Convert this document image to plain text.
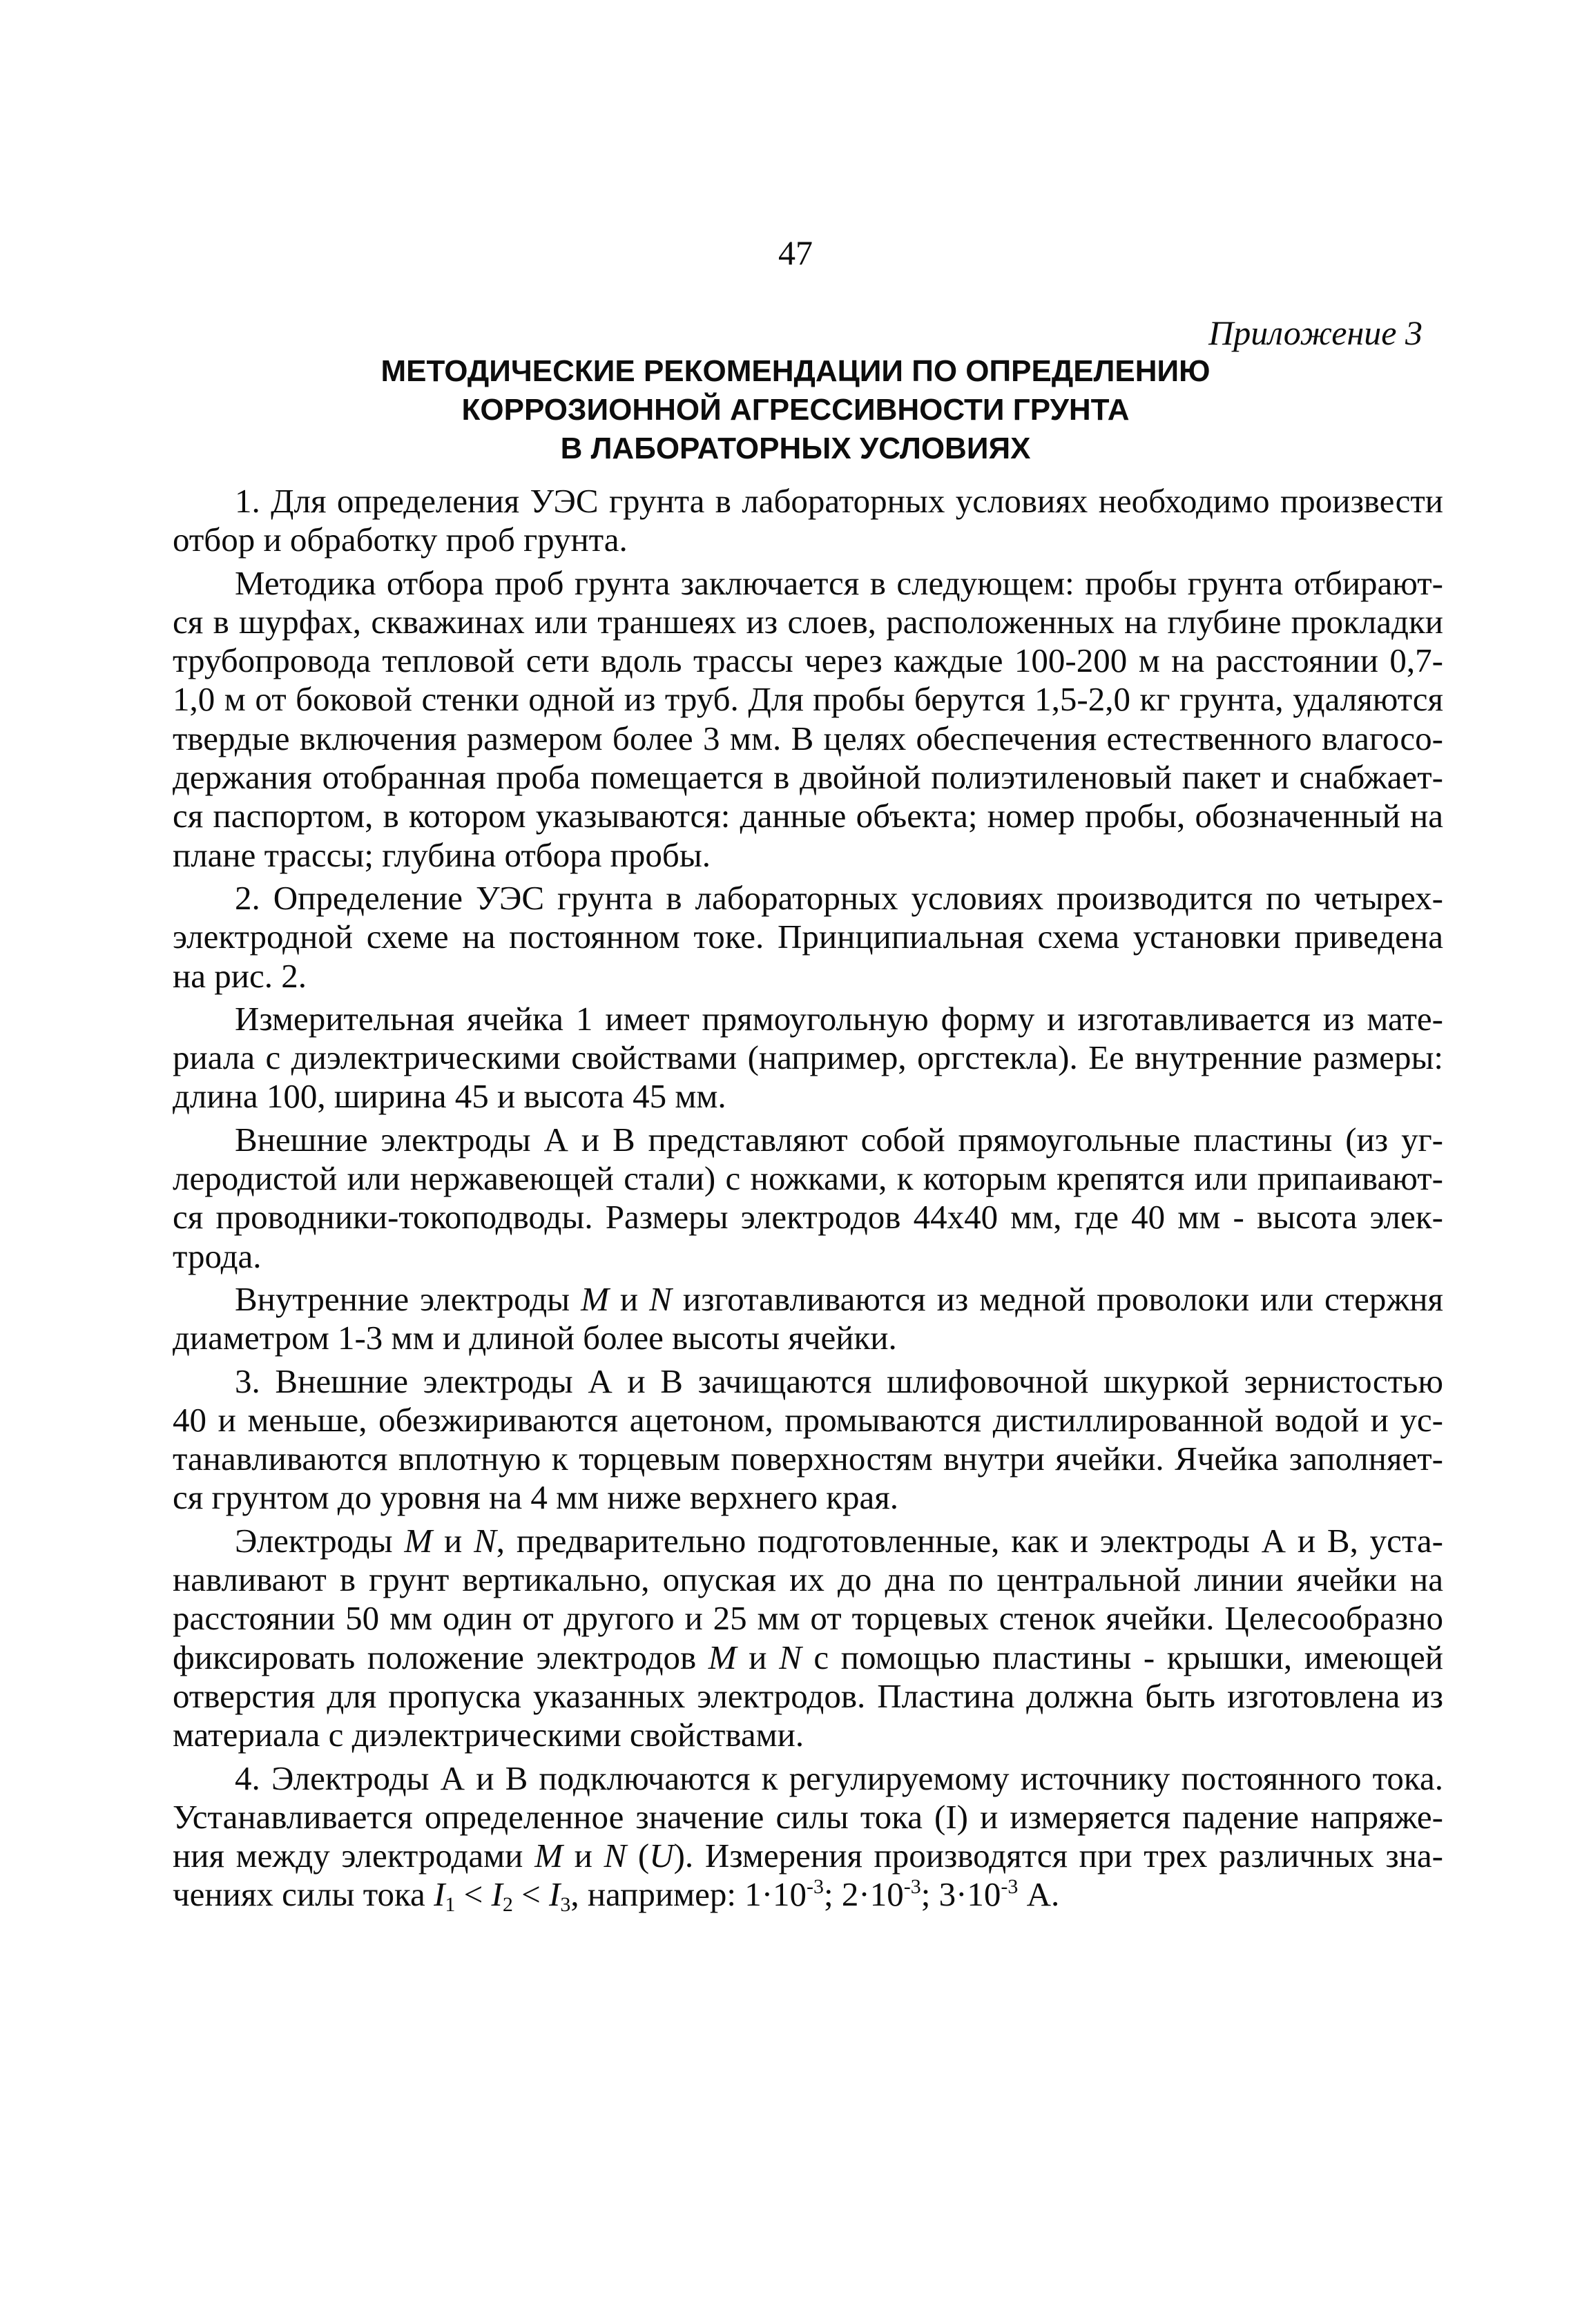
47
Приложение 3
МЕТОДИЧЕСКИЕ РЕКОМЕНДАЦИИ ПО ОПРЕДЕЛЕНИЮ
КОРРОЗИОННОЙ АГРЕССИВНОСТИ ГРУНТА
В ЛАБОРАТОРНЫХ УСЛОВИЯХ
1. Для определения УЭС грунта в лабораторных условиях необходимо произвести
отбор и обработку проб грунта.
Методика отбора проб грунта заключается в следующем: пробы грунта отбирают-
ся в шурфах, скважинах или траншеях из слоев, расположенных на глубине прокладки
трубопровода тепловой сети вдоль трассы через каждые 100-200 м на расстоянии 0,7-
1,0 м от боковой стенки одной из труб. Для пробы берутся 1,5-2,0 кг грунта, удаляются
твердые включения размером более 3 мм. В целях обеспечения естественного влагосо-
держания отобранная проба помещается в двойной полиэтиленовый пакет и снабжает-
ся паспортом, в котором указываются: данные объекта; номер пробы, обозначенный на
плане трассы; глубина отбора пробы.
2. Определение УЭС грунта в лабораторных условиях производится по четырех-
электродной схеме на постоянном токе. Принципиальная схема установки приведена
на рис. 2.
Измерительная ячейка 1 имеет прямоугольную форму и изготавливается из мате-
риала с диэлектрическими свойствами (например, оргстекла). Ее внутренние размеры:
длина 100, ширина 45 и высота 45 мм.
Внешние электроды А и В представляют собой прямоугольные пластины (из уг-
леродистой или нержавеющей стали) с ножками, к которым крепятся или припаивают-
ся проводники-токоподводы. Размеры электродов 44х40 мм, где 40 мм - высота элек-
трода.
Внутренние электроды M и N изготавливаются из медной проволоки или стержня
диаметром 1-3 мм и длиной более высоты ячейки.
3. Внешние электроды А и В зачищаются шлифовочной шкуркой зернистостью
40 и меньше, обезжириваются ацетоном, промываются дистиллированной водой и ус-
танавливаются вплотную к торцевым поверхностям внутри ячейки. Ячейка заполняет-
ся грунтом до уровня на 4 мм ниже верхнего края.
Электроды M и N, предварительно подготовленные, как и электроды А и В, уста-
навливают в грунт вертикально, опуская их до дна по центральной линии ячейки на
расстоянии 50 мм один от другого и 25 мм от торцевых стенок ячейки. Целесообразно
фиксировать положение электродов M и N с помощью пластины - крышки, имеющей
отверстия для пропуска указанных электродов. Пластина должна быть изготовлена из
материала с диэлектрическими свойствами.
4. Электроды А и В подключаются к регулируемому источнику постоянного тока.
Устанавливается определенное значение силы тока (I) и измеряется падение напряже-
ния между электродами M и N (U). Измерения производятся при трех различных зна-
чениях силы тока $I_1 < I_2 < I_3$, например: $1\cdot 10^{-3}$; $2\cdot 10^{-3}$; $3\cdot 10^{-3}$ А.
